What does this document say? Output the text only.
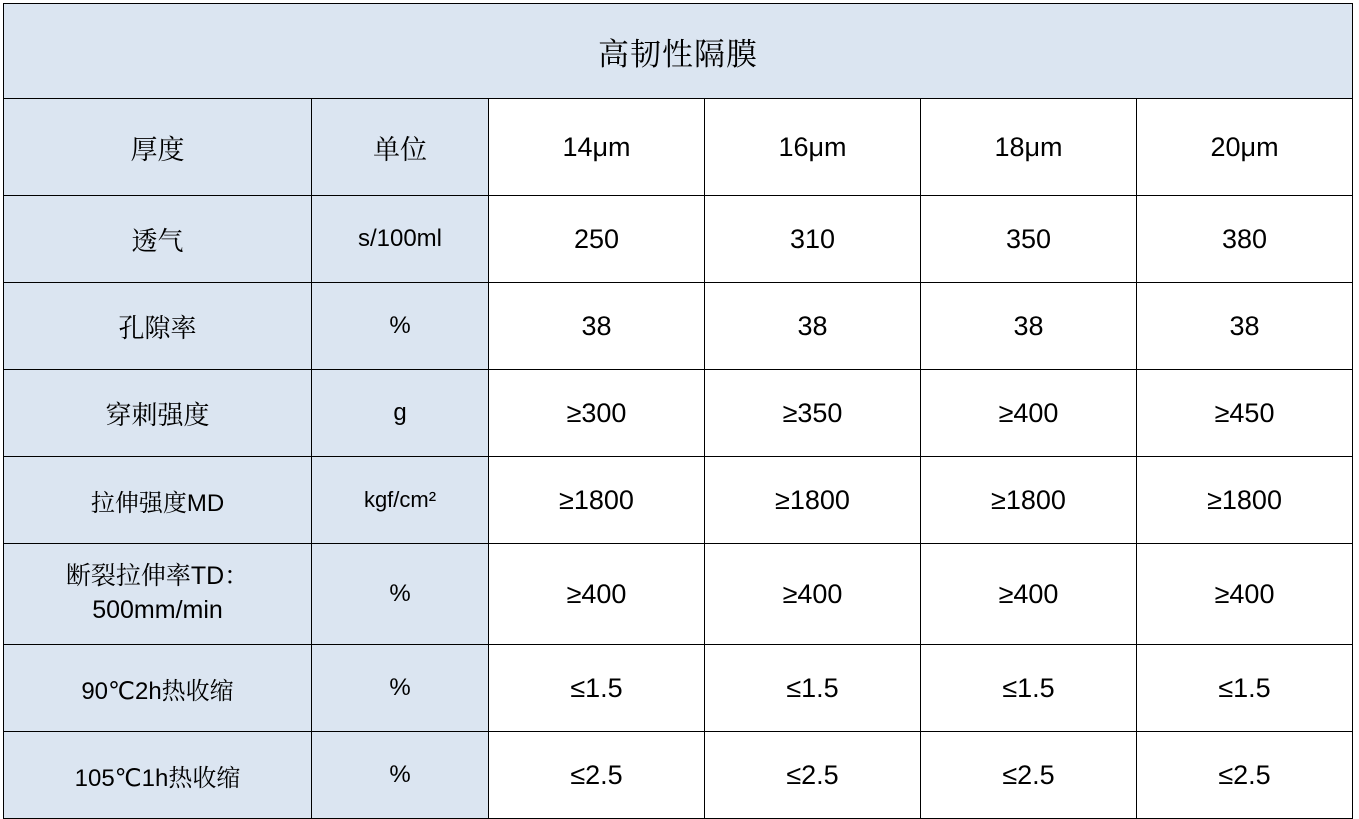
高韧性隔膜					
厚度	单位	14μm	16μm	18μm	20μm
透气	s/100ml	250	310	350	380
孔隙率	%	38	38	38	38
穿刺强度	g	≥300	≥350	≥400	≥450
拉伸强度MD	kgf/cm²	≥1800	≥1800	≥1800	≥1800
断裂拉伸率TD：500mm/min	%	≥400	≥400	≥400	≥400
90℃2h热收缩	%	≤1.5	≤1.5	≤1.5	≤1.5
105℃1h热收缩	%	≤2.5	≤2.5	≤2.5	≤2.5
